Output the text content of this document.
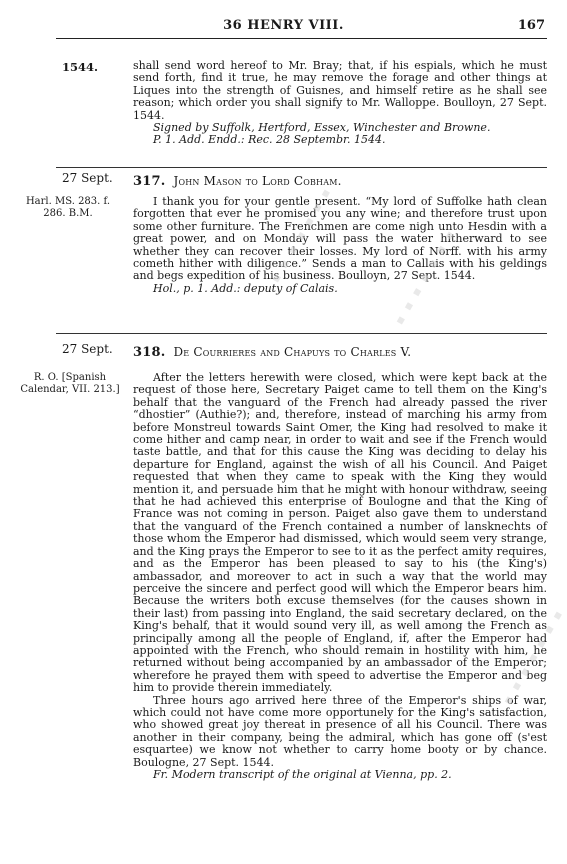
36 HENRY VIII.	167
1544.	shall send word hereof to Mr. Bray; that, if his espials, which he must send forth, find it true, he may remove the forage and other things at Liques into the strength of Guisnes, and himself retire as he shall see reason; which order you shall signify to Mr. Walloppe. Boulloyn, 27 Sept. 1544.

Signed by Suffolk, Hertford, Essex, Winchester and Browne.

P. 1. Add. Endd.: Rec. 28 Septembr. 1544.

27 Sept.	317. John Mason to Lord Cobham.
Harl. MS. 283. f. 286. B.M.

I thank you for your gentle present. “My lord of Suffolke hath clean forgotten that ever he promised you any wine; and therefore trust upon some other furniture. The Frenchmen are come nigh unto Hesdin with a great power, and on Monday will pass the water hitherward to see whether they can recover their losses. My lord of Norff. with his army cometh hither with diligence.” Sends a man to Callais with his geldings and begs expedition of his business. Boulloyn, 27 Sept. 1544.

Hol., p. 1. Add.: deputy of Calais.

27 Sept.	318. De Courrieres and Chapuys to Charles V.
R. O. [Spanish Calendar, VII. 213.]

After the letters herewith were closed, which were kept back at the request of those here, Secretary Paiget came to tell them on the King's behalf that the vanguard of the French had already passed the river “dhostier” (Authie?); and, therefore, instead of marching his army from before Monstreul towards Saint Omer, the King had resolved to make it come hither and camp near, in order to wait and see if the French would taste battle, and that for this cause the King was deciding to delay his departure for England, against the wish of all his Council. And Paiget requested that when they came to speak with the King they would mention it, and persuade him that he might with honour withdraw, seeing that he had achieved this enterprise of Boulogne and that the King of France was not coming in person. Paiget also gave them to understand that the vanguard of the French contained a number of lansknechts of those whom the Emperor had dismissed, which would seem very strange, and the King prays the Emperor to see to it as the perfect amity requires, and as the Emperor has been pleased to say to his (the King's) ambassador, and moreover to act in such a way that the world may perceive the sincere and perfect good will which the Emperor bears him. Because the writers both excuse themselves (for the causes shown in their last) from passing into England, the said secretary declared, on the King's behalf, that it would sound very ill, as well among the French as principally among all the people of England, if, after the Emperor had appointed with the French, who should remain in hostility with him, he returned without being accompanied by an ambassador of the Emperor; wherefore he prayed them with speed to advertise the Emperor and beg him to provide therein immediately.

Three hours ago arrived here three of the Emperor's ships of war, which could not have come more opportunely for the King's satisfaction, who showed great joy thereat in presence of all his Council. There was another in their company, being the admiral, which has gone off (s'est esquartee) we know not whether to carry home booty or by chance. Boulogne, 27 Sept. 1544.

Fr. Modern transcript of the original at Vienna, pp. 2.

▪ ▪ ▪ ▪ ▪ ▪ ▪	▪ ▪ ▪ ▪ ▪ ▪ ▪
▪ ▪ ▪ ▪ ▪ ▪ ▪
